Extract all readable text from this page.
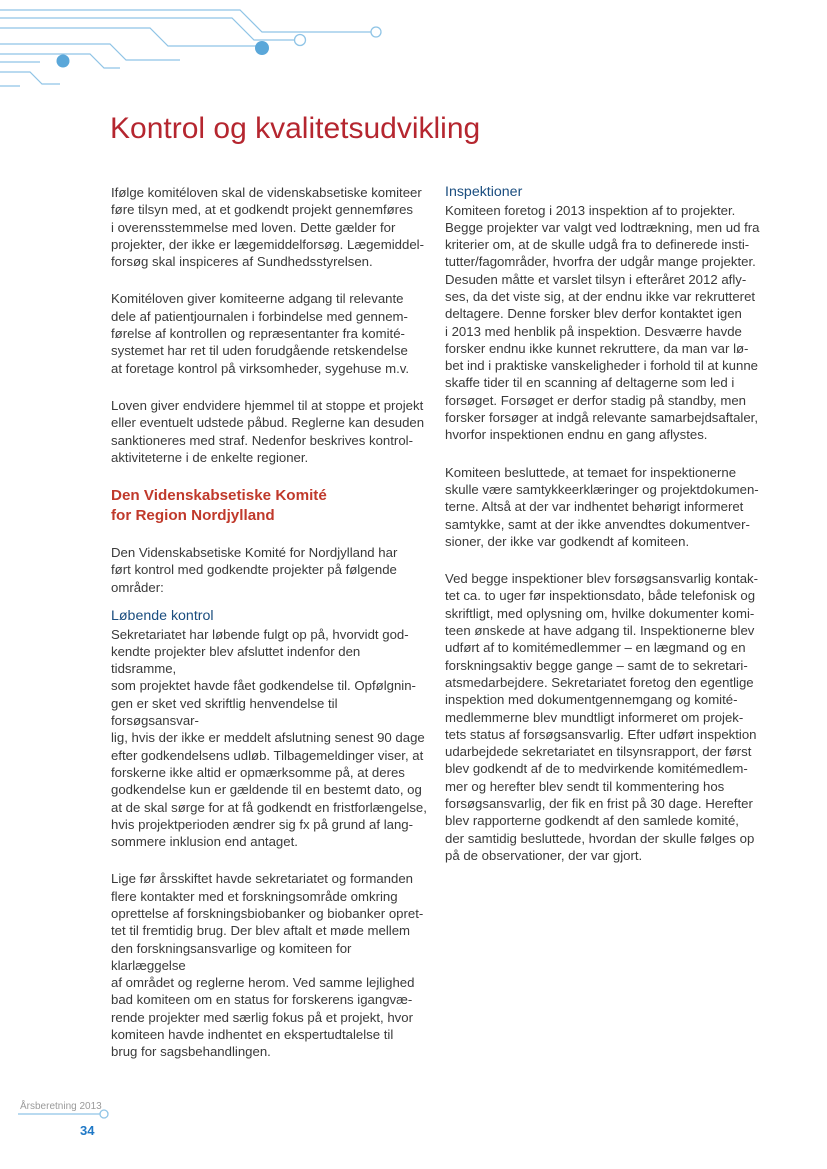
Kontrol og kvalitetsudvikling

Ifølge komitéloven skal de videnskabsetiske komiteer
føre tilsyn med, at et godkendt projekt gennemføres
i overensstemmelse med loven. Dette gælder for
projekter, der ikke er lægemiddelforsøg. Lægemiddel-
forsøg skal inspiceres af Sundhedsstyrelsen.

Komitéloven giver komiteerne adgang til relevante
dele af patientjournalen i forbindelse med gennem-
førelse af kontrollen og repræsentanter fra komité-
systemet har ret til uden forudgående retskendelse
at foretage kontrol på virksomheder, sygehuse m.v.

Loven giver endvidere hjemmel til at stoppe et projekt
eller eventuelt udstede påbud. Reglerne kan desuden
sanktioneres med straf. Nedenfor beskrives kontrol-
aktiviteterne i de enkelte regioner.

Den Videnskabsetiske Komité
for Region Nordjylland

Den Videnskabsetiske Komité for Nordjylland har
ført kontrol med godkendte projekter på følgende
områder:

Løbende kontrol

Sekretariatet har løbende fulgt op på, hvorvidt god-
kendte projekter blev afsluttet indenfor den tidsramme,
som projektet havde fået godkendelse til. Opfølgnin-
gen er sket ved skriftlig henvendelse til forsøgsansvar-
lig, hvis der ikke er meddelt afslutning senest 90 dage
efter godkendelsens udløb. Tilbagemeldinger viser, at
forskerne ikke altid er opmærksomme på, at deres
godkendelse kun er gældende til en bestemt dato, og
at de skal sørge for at få godkendt en fristforlængelse,
hvis projektperioden ændrer sig fx på grund af lang-
sommere inklusion end antaget.

Lige før årsskiftet havde sekretariatet og formanden
flere kontakter med et forskningsområde omkring
oprettelse af forskningsbiobanker og biobanker opret-
tet til fremtidig brug. Der blev aftalt et møde mellem
den forskningsansvarlige og komiteen for klarlæggelse
af området og reglerne herom. Ved samme lejlighed
bad komiteen om en status for forskerens igangvæ-
rende projekter med særlig fokus på et projekt, hvor
komiteen havde indhentet en ekspertudtalelse til
brug for sagsbehandlingen.

Inspektioner

Komiteen foretog i 2013 inspektion af to projekter.
Begge projekter var valgt ved lodtrækning, men ud fra
kriterier om, at de skulle udgå fra to definerede insti-
tutter/fagområder, hvorfra der udgår mange projekter.
Desuden måtte et varslet tilsyn i efteråret 2012 afly-
ses, da det viste sig, at der endnu ikke var rekrutteret
deltagere. Denne forsker blev derfor kontaktet igen
i 2013 med henblik på inspektion. Desværre havde
forsker endnu ikke kunnet rekruttere, da man var lø-
bet ind i praktiske vanskeligheder i forhold til at kunne
skaffe tider til en scanning af deltagerne som led i
forsøget. Forsøget er derfor stadig på standby, men
forsker forsøger at indgå relevante samarbejdsaftaler,
hvorfor inspektionen endnu en gang aflystes.

Komiteen besluttede, at temaet for inspektionerne
skulle være samtykkeerklæringer og projektdokumen-
terne. Altså at der var indhentet behørigt informeret
samtykke, samt at der ikke anvendtes dokumentver-
sioner, der ikke var godkendt af komiteen.

Ved begge inspektioner blev forsøgsansvarlig kontak-
tet ca. to uger før inspektionsdato, både telefonisk og
skriftligt, med oplysning om, hvilke dokumenter komi-
teen ønskede at have adgang til. Inspektionerne blev
udført af to komitémedlemmer – en lægmand og en
forskningsaktiv begge gange – samt de to sekretari-
atsmedarbejdere. Sekretariatet foretog den egentlige
inspektion med dokumentgennemgang og komité-
medlemmerne blev mundtligt informeret om projek-
tets status af forsøgsansvarlig. Efter udført inspektion
udarbejdede sekretariatet en tilsynsrapport, der først
blev godkendt af de to medvirkende komitémedlem-
mer og herefter blev sendt til kommentering hos
forsøgsansvarlig, der fik en frist på 30 dage. Herefter
blev rapporterne godkendt af den samlede komité,
der samtidig besluttede, hvordan der skulle følges op
på de observationer, der var gjort.

Årsberetning 2013
34
